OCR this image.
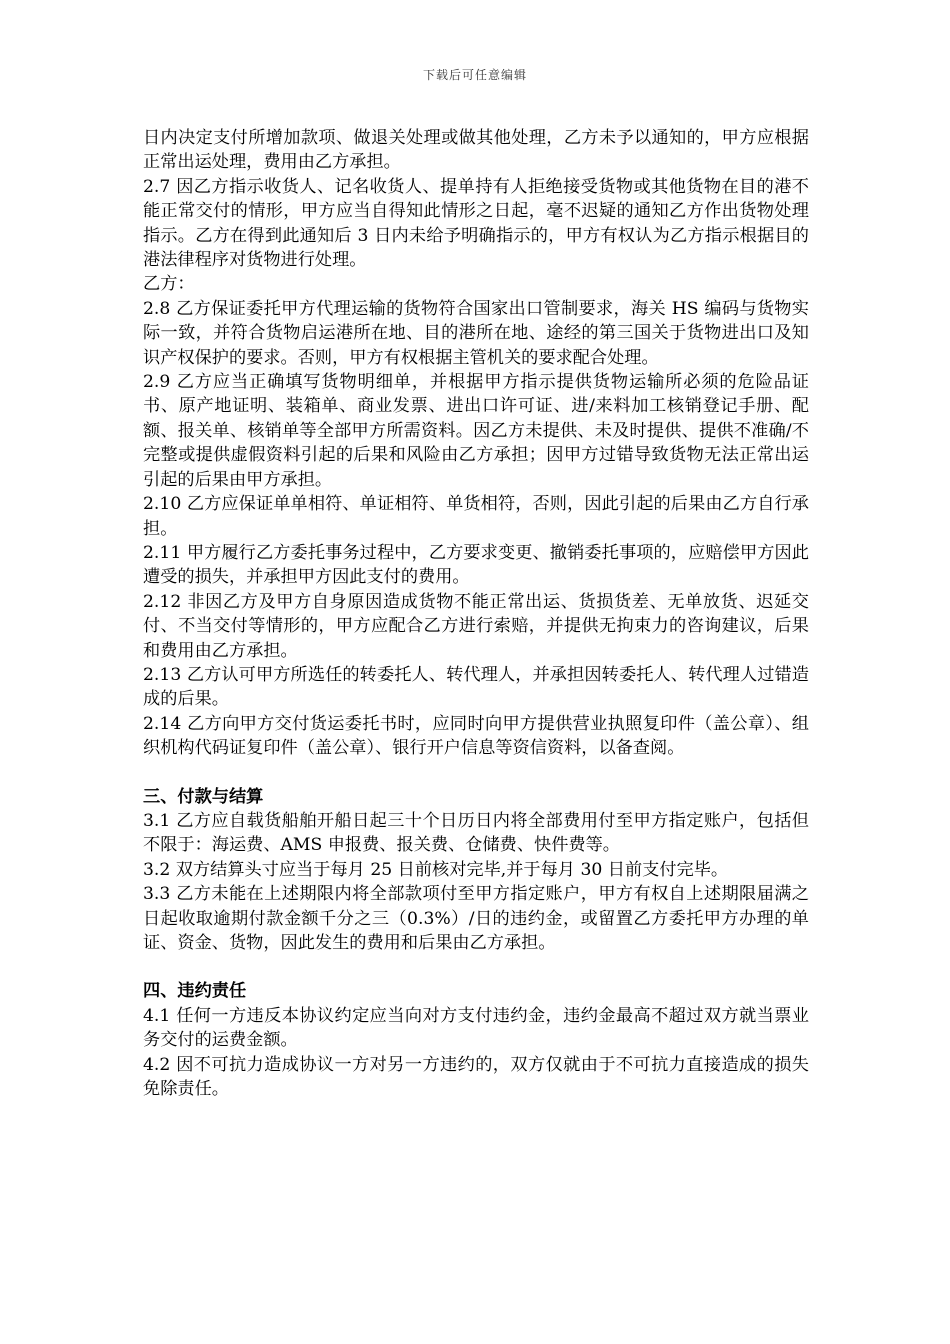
下载后可任意编辑

日内决定支付所增加款项、做退关处理或做其他处理，乙方未予以通知的，甲方应根据正常出运处理，费用由乙方承担。

2.7 因乙方指示收货人、记名收货人、提单持有人拒绝接受货物或其他货物在目的港不能正常交付的情形，甲方应当自得知此情形之日起，毫不迟疑的通知乙方作出货物处理指示。乙方在得到此通知后 3 日内未给予明确指示的，甲方有权认为乙方指示根据目的港法律程序对货物进行处理。

乙方：

2.8 乙方保证委托甲方代理运输的货物符合国家出口管制要求，海关 HS 编码与货物实际一致，并符合货物启运港所在地、目的港所在地、途经的第三国关于货物进出口及知识产权保护的要求。否则，甲方有权根据主管机关的要求配合处理。

2.9 乙方应当正确填写货物明细单，并根据甲方指示提供货物运输所必须的危险品证书、原产地证明、装箱单、商业发票、进出口许可证、进/来料加工核销登记手册、配额、报关单、核销单等全部甲方所需资料。因乙方未提供、未及时提供、提供不准确/不完整或提供虚假资料引起的后果和风险由乙方承担；因甲方过错导致货物无法正常出运引起的后果由甲方承担。

2.10 乙方应保证单单相符、单证相符、单货相符，否则，因此引起的后果由乙方自行承担。

2.11 甲方履行乙方委托事务过程中，乙方要求变更、撤销委托事项的，应赔偿甲方因此遭受的损失，并承担甲方因此支付的费用。

2.12 非因乙方及甲方自身原因造成货物不能正常出运、货损货差、无单放货、迟延交付、不当交付等情形的，甲方应配合乙方进行索赔，并提供无拘束力的咨询建议，后果和费用由乙方承担。

2.13 乙方认可甲方所选任的转委托人、转代理人，并承担因转委托人、转代理人过错造成的后果。

2.14 乙方向甲方交付货运委托书时，应同时向甲方提供营业执照复印件（盖公章）、组织机构代码证复印件（盖公章）、银行开户信息等资信资料，以备查阅。

三、付款与结算

3.1 乙方应自载货船舶开船日起三十个日历日内将全部费用付至甲方指定账户，包括但不限于：海运费、AMS 申报费、报关费、仓储费、快件费等。

3.2 双方结算头寸应当于每月 25 日前核对完毕,并于每月 30 日前支付完毕。

3.3 乙方未能在上述期限内将全部款项付至甲方指定账户，甲方有权自上述期限届满之日起收取逾期付款金额千分之三（0.3%）/日的违约金，或留置乙方委托甲方办理的单证、资金、货物，因此发生的费用和后果由乙方承担。

四、违约责任

4.1 任何一方违反本协议约定应当向对方支付违约金，违约金最高不超过双方就当票业务交付的运费金额。

4.2 因不可抗力造成协议一方对另一方违约的，双方仅就由于不可抗力直接造成的损失免除责任。
